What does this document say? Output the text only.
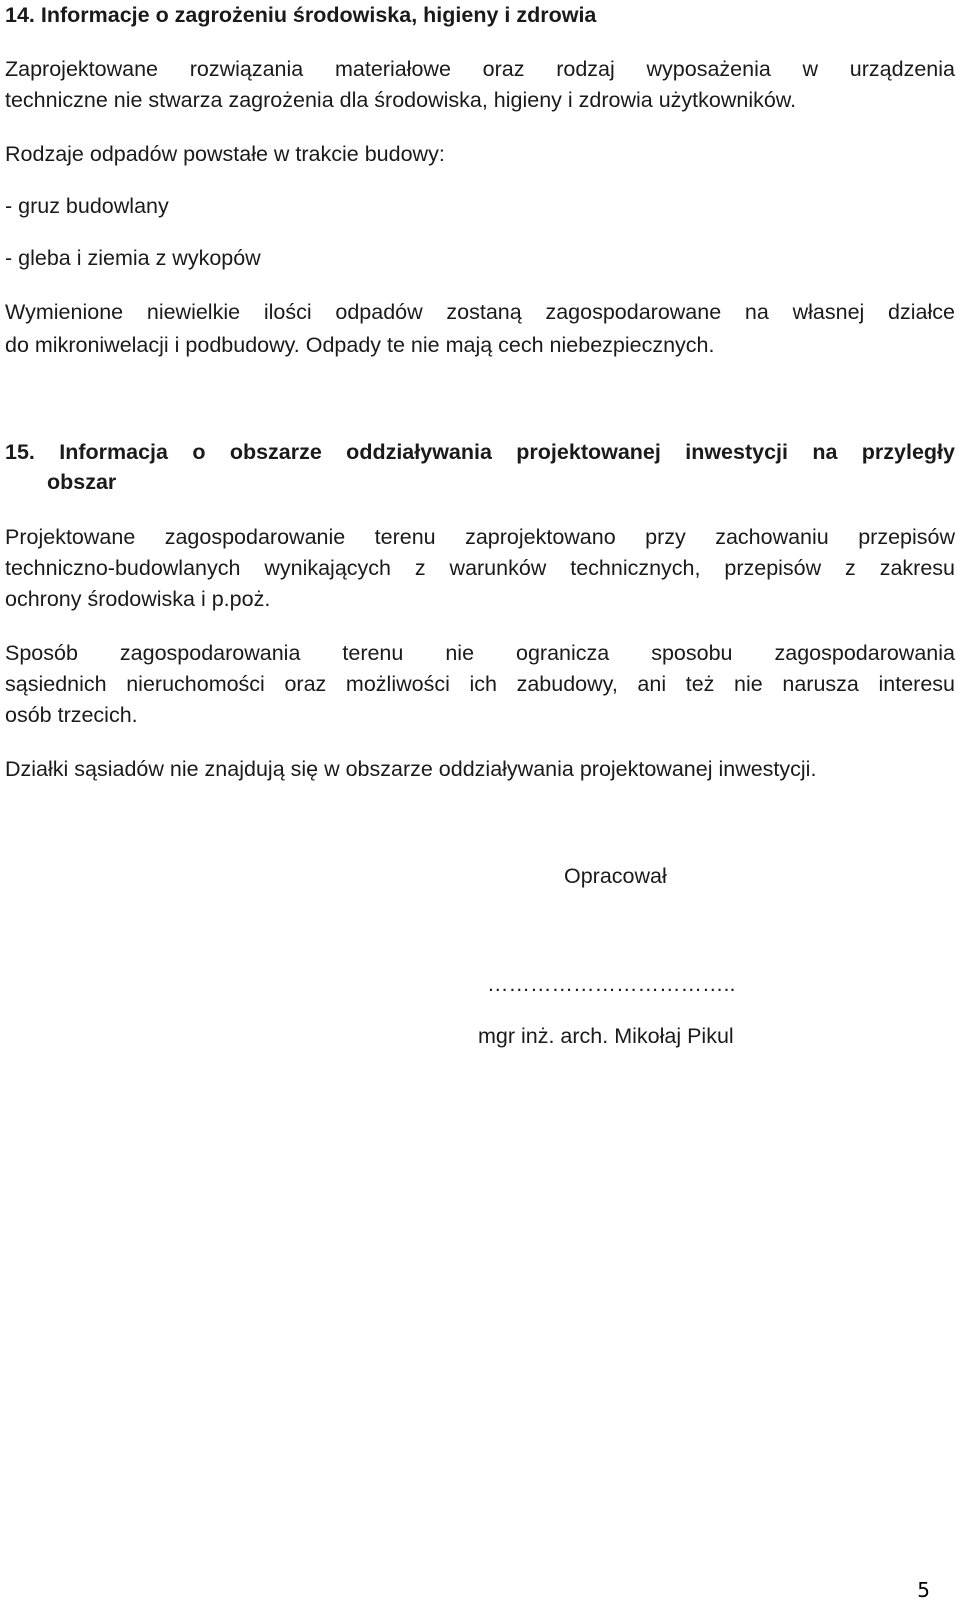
14. Informacje o zagrożeniu środowiska, higieny i zdrowia
Zaprojektowane rozwiązania materiałowe oraz rodzaj wyposażenia w urządzenia
techniczne nie stwarza zagrożenia dla środowiska, higieny i zdrowia użytkowników.
Rodzaje odpadów powstałe w trakcie budowy:
- gruz budowlany
- gleba i ziemia z wykopów
Wymienione niewielkie ilości odpadów zostaną zagospodarowane na własnej działce
do mikroniwelacji i podbudowy. Odpady te nie mają cech niebezpiecznych.
15. Informacja o obszarze oddziaływania projektowanej inwestycji na przyległy
obszar
Projektowane zagospodarowanie terenu zaprojektowano przy zachowaniu przepisów
techniczno-budowlanych wynikających z warunków technicznych, przepisów z zakresu
ochrony środowiska i p.poż.
Sposób zagospodarowania terenu nie ogranicza sposobu zagospodarowania
sąsiednich nieruchomości oraz możliwości ich zabudowy, ani też nie narusza interesu
osób trzecich.
Działki sąsiadów nie znajdują się w obszarze oddziaływania projektowanej inwestycji.
Opracował
……………………………..
mgr inż. arch. Mikołaj Pikul
5
